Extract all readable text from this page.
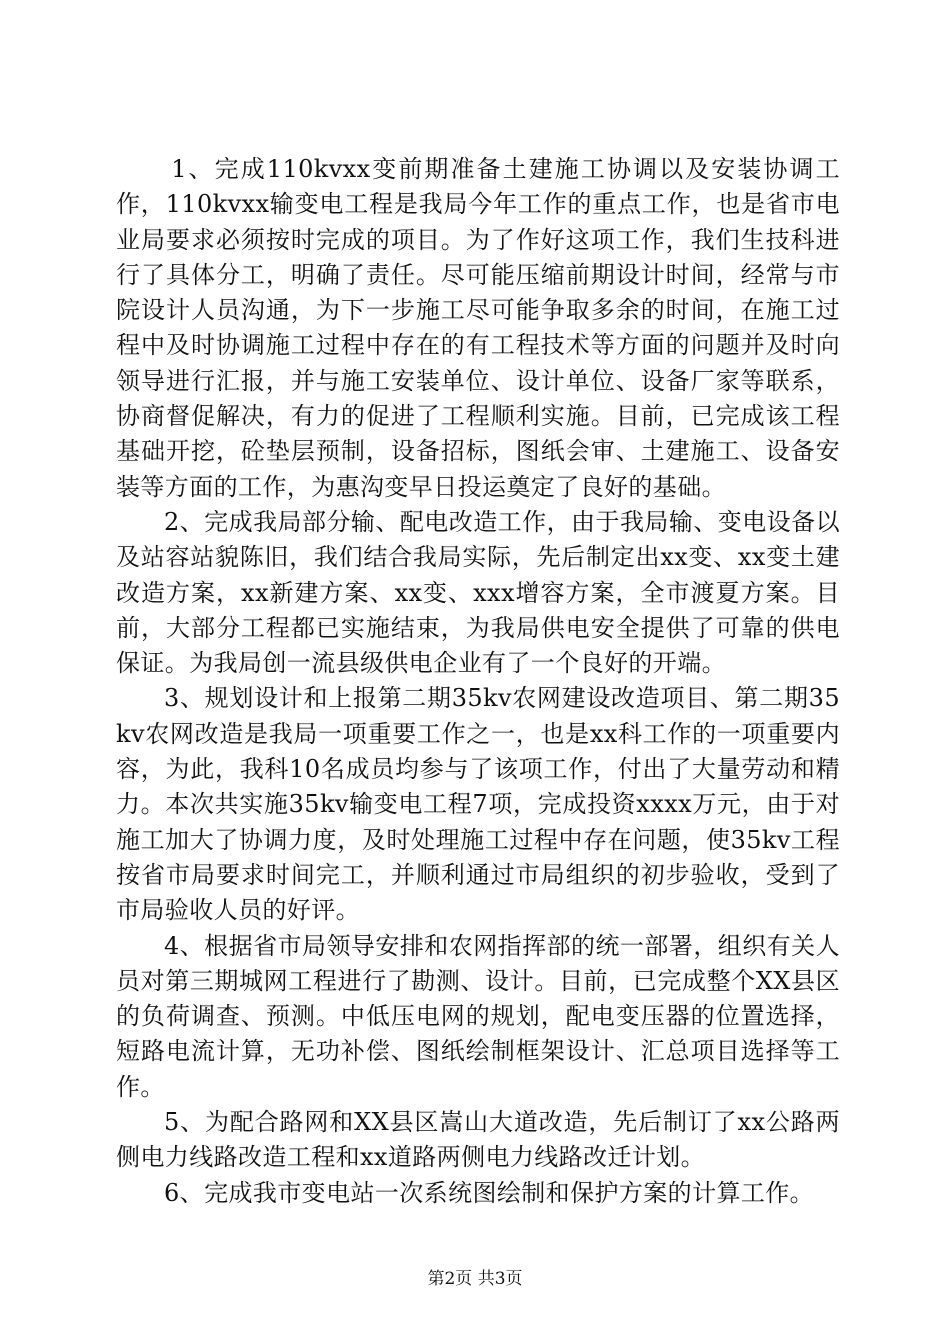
1、完成110kvxx变前期准备土建施工协调以及安装协调工作，110kvxx输变电工程是我局今年工作的重点工作，也是省市电业局要求必须按时完成的项目。为了作好这项工作，我们生技科进行了具体分工，明确了责任。尽可能压缩前期设计时间，经常与市院设计人员沟通，为下一步施工尽可能争取多余的时间，在施工过程中及时协调施工过程中存在的有工程技术等方面的问题并及时向领导进行汇报，并与施工安装单位、设计单位、设备厂家等联系，协商督促解决，有力的促进了工程顺利实施。目前，已完成该工程基础开挖，砼垫层预制，设备招标，图纸会审、土建施工、设备安装等方面的工作，为惠沟变早日投运奠定了良好的基础。

2、完成我局部分输、配电改造工作，由于我局输、变电设备以及站容站貌陈旧，我们结合我局实际，先后制定出xx变、xx变土建改造方案，xx新建方案、xx变、xxx增容方案，全市渡夏方案。目前，大部分工程都已实施结束，为我局供电安全提供了可靠的供电保证。为我局创一流县级供电企业有了一个良好的开端。

3、规划设计和上报第二期35kv农网建设改造项目、第二期35kv农网改造是我局一项重要工作之一，也是xx科工作的一项重要内容，为此，我科10名成员均参与了该项工作，付出了大量劳动和精力。本次共实施35kv输变电工程7项，完成投资xxxx万元，由于对施工加大了协调力度，及时处理施工过程中存在问题，使35kv工程按省市局要求时间完工，并顺利通过市局组织的初步验收，受到了市局验收人员的好评。

4、根据省市局领导安排和农网指挥部的统一部署，组织有关人员对第三期城网工程进行了勘测、设计。目前，已完成整个XX县区的负荷调查、预测。中低压电网的规划，配电变压器的位置选择，短路电流计算，无功补偿、图纸绘制框架设计、汇总项目选择等工作。

5、为配合路网和XX县区嵩山大道改造，先后制订了xx公路两侧电力线路改造工程和xx道路两侧电力线路改迁计划。

6、完成我市变电站一次系统图绘制和保护方案的计算工作。

第2页 共3页
